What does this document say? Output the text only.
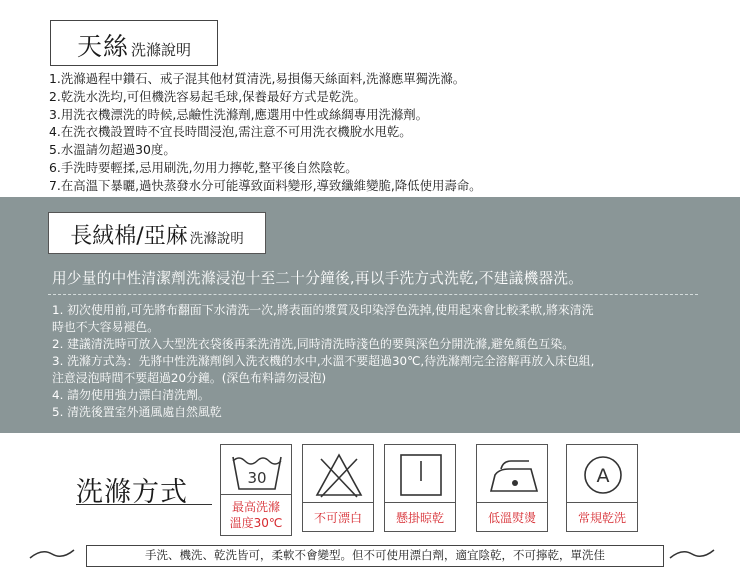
天絲 洗滌說明
1.洗滌過程中鑽石、戒子混其他材質清洗,易損傷天絲面料,洗滌應單獨洗滌。
2.乾洗水洗均,可但機洗容易起毛球,保養最好方式是乾洗。
3.用洗衣機漂洗的時候,忌鹼性洗滌劑,應選用中性或絲綢專用洗滌劑。
4.在洗衣機設置時不宜長時間浸泡,需注意不可用洗衣機脫水甩乾。
5.水溫請勿超過30度。
6.手洗時要輕揉,忌用刷洗,勿用力擰乾,整平後自然陰乾。
7.在高溫下暴曬,過快蒸發水分可能導致面料變形,導致纖維變脆,降低使用壽命。
長絨棉/亞麻 洗滌說明
用少量的中性清潔劑洗滌浸泡十至二十分鐘後,再以手洗方式洗乾,不建議機器洗。
1. 初次使用前,可先將布翻面下水清洗一次,將表面的漿質及印染浮色洗掉,使用起來會比較柔軟,將來清洗
時也不大容易褪色。
2. 建議清洗時可放入大型洗衣袋後再柔洗清洗,同時清洗時淺色的要與深色分開洗滌,避免顏色互染。
3. 洗滌方式為：先將中性洗滌劑倒入洗衣機的水中,水溫不要超過30℃,待洗滌劑完全溶解再放入床包組,
注意浸泡時間不要超過20分鐘。(深色布料請勿浸泡)
4. 請勿使用強力漂白清洗劑。
5. 清洗後置室外通風處自然風乾
洗滌方式	30
最高洗滌
溫度30℃	不可漂白	懸掛晾乾	低溫熨燙
A
常規乾洗
手洗、機洗、乾洗皆可，柔軟不會變型。但不可使用漂白劑，適宜陰乾，不可擰乾，單洗佳
